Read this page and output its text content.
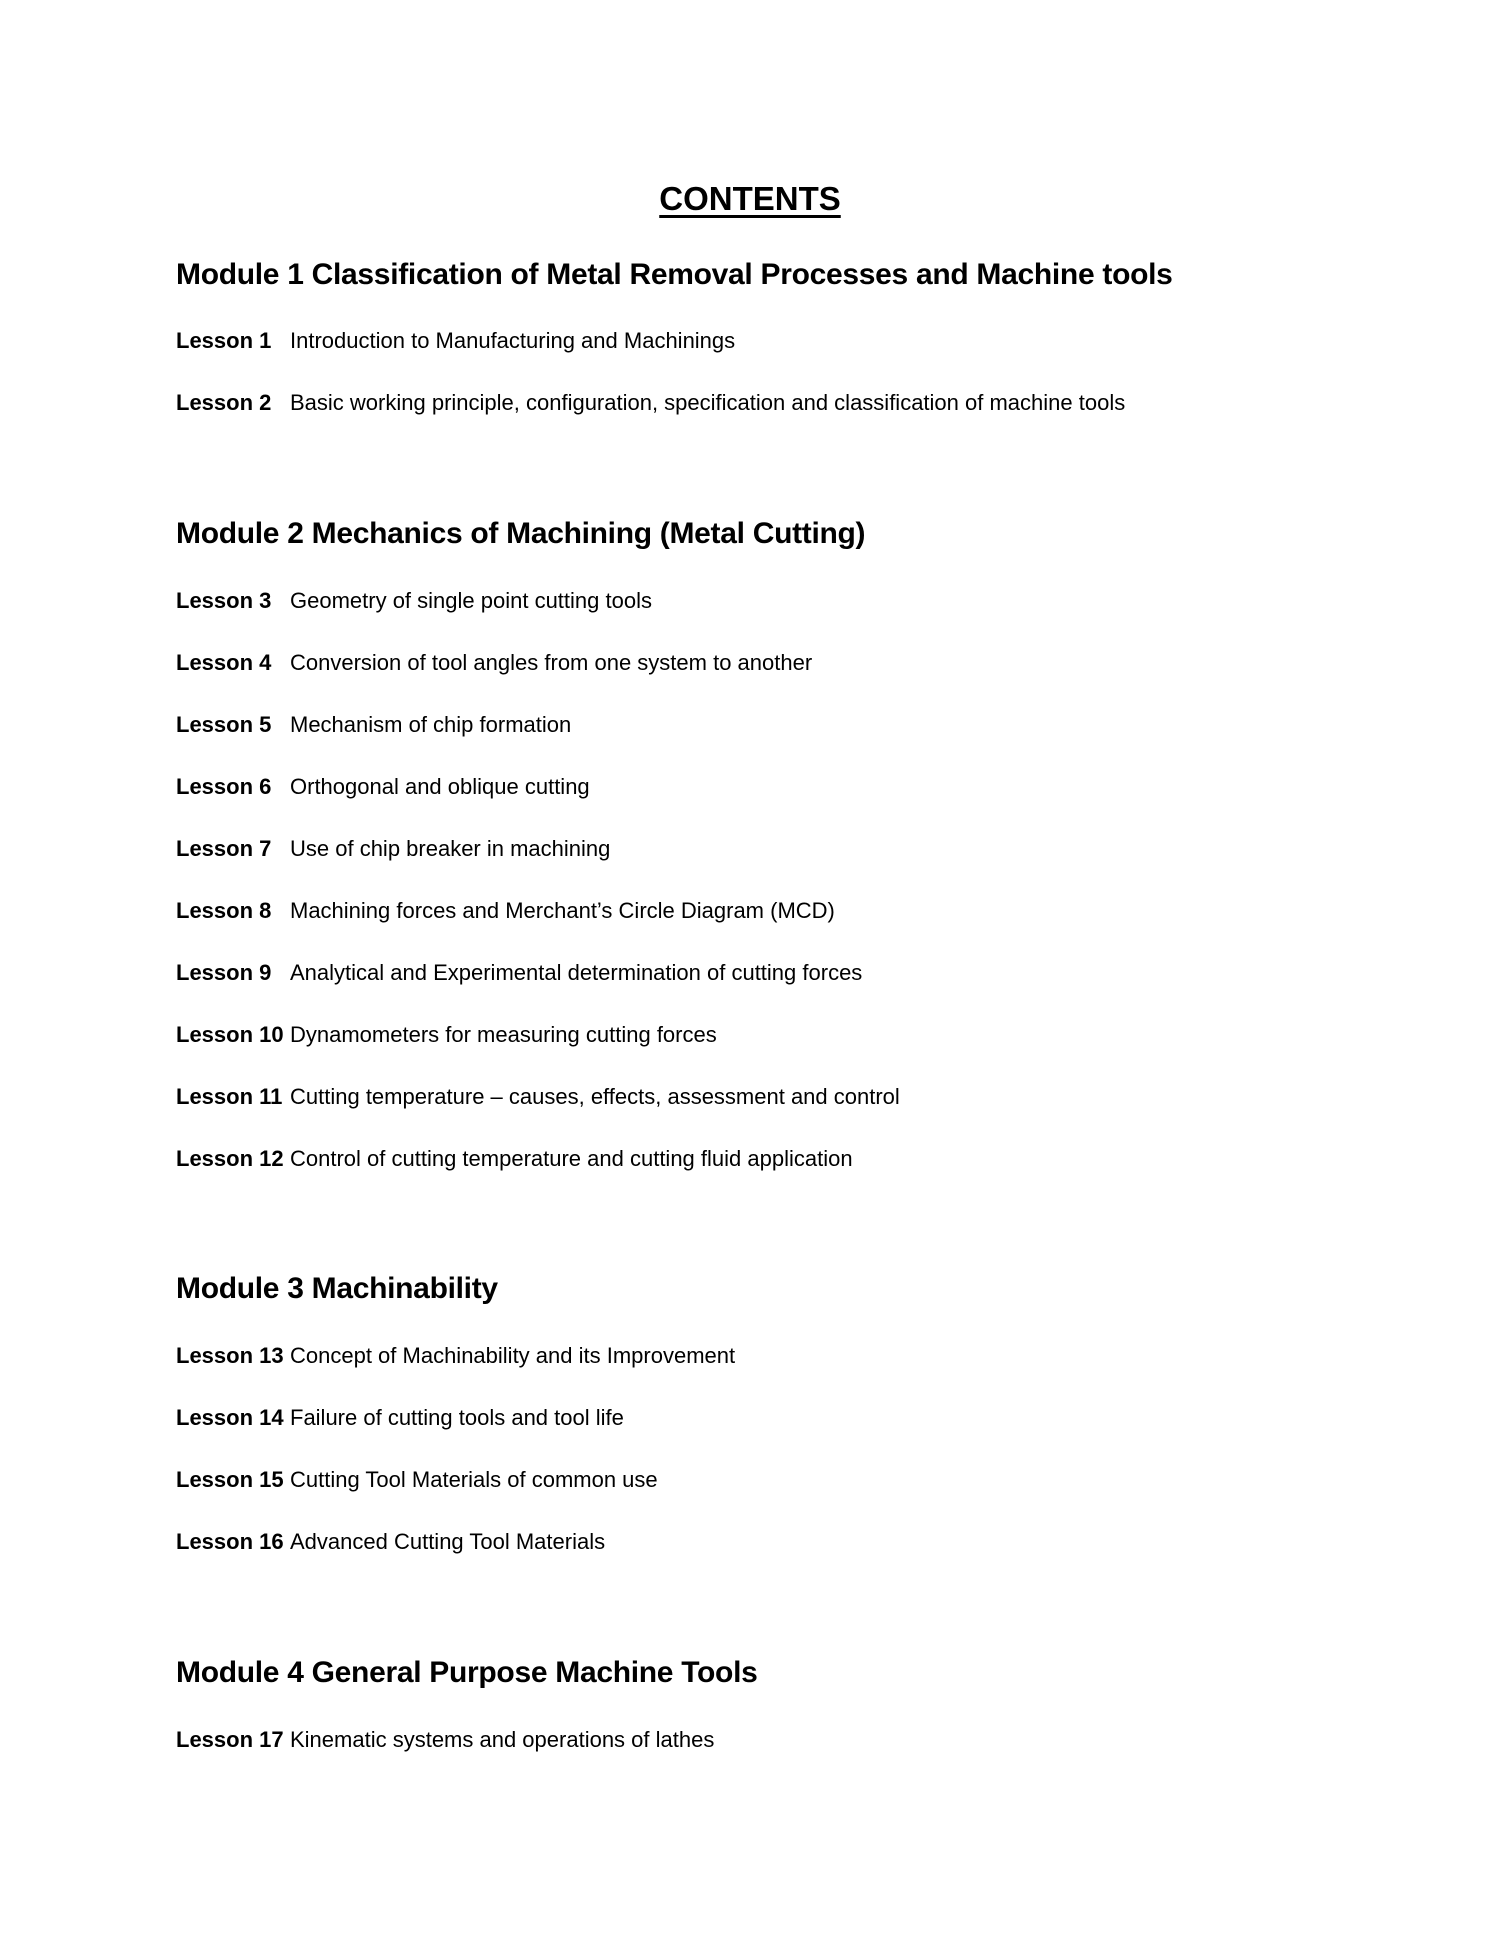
CONTENTS
Module 1 Classification of Metal Removal Processes and Machine tools
Lesson 1 Introduction to Manufacturing and Machinings
Lesson 2 Basic working principle, configuration, specification and classification of machine tools
Module 2 Mechanics of Machining (Metal Cutting)
Lesson 3 Geometry of single point cutting tools
Lesson 4 Conversion of tool angles from one system to another
Lesson 5 Mechanism of chip formation
Lesson 6 Orthogonal and oblique cutting
Lesson 7 Use of chip breaker in machining
Lesson 8 Machining forces and Merchant’s Circle Diagram (MCD)
Lesson 9 Analytical and Experimental determination of cutting forces
Lesson 10 Dynamometers for measuring cutting forces
Lesson 11 Cutting temperature – causes, effects, assessment and control
Lesson 12 Control of cutting temperature and cutting fluid application
Module 3 Machinability
Lesson 13 Concept of Machinability and its Improvement
Lesson 14 Failure of cutting tools and tool life
Lesson 15 Cutting Tool Materials of common use
Lesson 16 Advanced Cutting Tool Materials
Module 4 General Purpose Machine Tools
Lesson 17 Kinematic systems and operations of lathes
